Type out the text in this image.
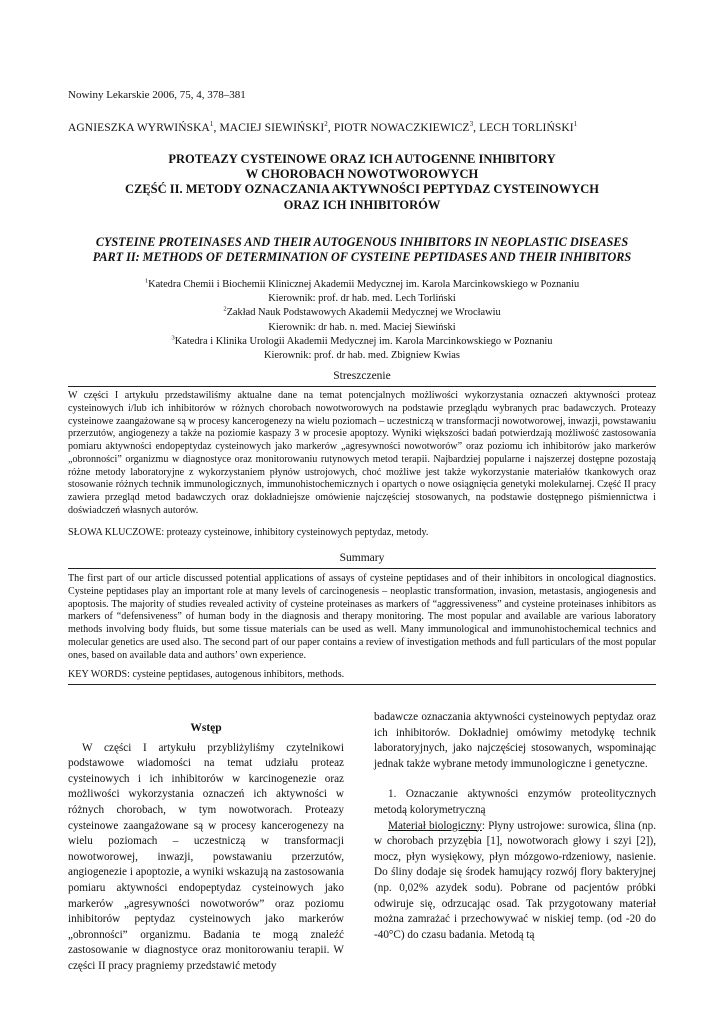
Nowiny Lekarskie 2006, 75, 4, 378–381
AGNIESZKA WYRWIŃSKA$^1$, MACIEJ SIEWIŃSKI$^2$, PIOTR NOWACZKIEWICZ$^3$, LECH TORLIŃSKI$^1$
PROTEAZY CYSTEINOWE ORAZ ICH AUTOGENNE INHIBITORY
W CHOROBACH NOWOTWOROWYCH
CZĘŚĆ II. METODY OZNACZANIA AKTYWNOŚCI PEPTYDAZ CYSTEINOWYCH
ORAZ ICH INHIBITORÓW
CYSTEINE PROTEINASES AND THEIR AUTOGENOUS INHIBITORS IN NEOPLASTIC DISEASES
PART II: METHODS OF DETERMINATION OF CYSTEINE PEPTIDASES AND THEIR INHIBITORS
$^1$Katedra Chemii i Biochemii Klinicznej Akademii Medycznej im. Karola Marcinkowskiego w Poznaniu
Kierownik: prof. dr hab. med. Lech Torliński
$^2$Zakład Nauk Podstawowych Akademii Medycznej we Wrocławiu
Kierownik: dr hab. n. med. Maciej Siewiński
$^3$Katedra i Klinika Urologii Akademii Medycznej im. Karola Marcinkowskiego w Poznaniu
Kierownik: prof. dr hab. med. Zbigniew Kwias
Streszczenie

W części I artykułu przedstawiliśmy aktualne dane na temat potencjalnych możliwości wykorzystania oznaczeń aktywności proteaz cysteinowych i/lub ich inhibitorów w różnych chorobach nowotworowych na podstawie przeglądu wybranych prac badawczych. Proteazy cysteinowe zaangażowane są w procesy kancerogenezy na wielu poziomach – uczestniczą w transformacji nowotworowej, inwazji, powstawaniu przerzutów, angiogenezy a także na poziomie kaspazy 3 w procesie apoptozy. Wyniki większości badań potwierdzają możliwość zastosowania pomiaru aktywności endopeptydaz cysteinowych jako markerów „agresywności nowotworów” oraz poziomu ich inhibitorów jako markerów „obronności” organizmu w diagnostyce oraz monitorowaniu rutynowych metod terapii. Najbardziej popularne i najszerzej dostępne pozostają różne metody laboratoryjne z wykorzystaniem płynów ustrojowych, choć możliwe jest także wykorzystanie materiałów tkankowych oraz stosowanie różnych technik immunologicznych, immunohistochemicznych i opartych o nowe osiągnięcia genetyki molekularnej. Część II pracy zawiera przegląd metod badawczych oraz dokładniejsze omówienie najczęściej stosowanych, na podstawie dostępnego piśmiennictwa i doświadczeń własnych autorów.

SŁOWA KLUCZOWE: proteazy cysteinowe, inhibitory cysteinowych peptydaz, metody.
Summary

The first part of our article discussed potential applications of assays of cysteine peptidases and of their inhibitors in oncological diagnostics. Cysteine peptidases play an important role at many levels of carcinogenesis – neoplastic transformation, invasion, metastasis, angiogenesis and apoptosis. The majority of studies revealed activity of cysteine proteinases as markers of “aggressiveness” and cysteine proteinases inhibitors as markers of “defensiveness” of human body in the diagnosis and therapy monitoring. The most popular and available are various laboratory methods involving body fluids, but some tissue materials can be used as well. Many immunological and immunohistochemical technics and molecular genetics are used also. The second part of our paper contains a review of investigation methods and full particulars of the most popular ones, based on available data and authors’ own experience.

KEY WORDS: cysteine peptidases, autogenous inhibitors, methods.
Wstęp

W części I artykułu przybliżyliśmy czytelnikowi podstawowe wiadomości na temat udziału proteaz cysteinowych i ich inhibitorów w karcinogenezie oraz możliwości wykorzystania oznaczeń ich aktywności w różnych chorobach, w tym nowotworach. Proteazy cysteinowe zaangażowane są w procesy kancerogenezy na wielu poziomach – uczestniczą w transformacji nowotworowej, inwazji, powstawaniu przerzutów, angiogenezie i apoptozie, a wyniki wskazują na zastosowania pomiaru aktywności endopeptydaz cysteinowych jako markerów „agresywności nowotworów” oraz poziomu inhibitorów peptydaz cysteinowych jako markerów „obronności” organizmu. Badania te mogą znaleźć zastosowanie w diagnostyce oraz monitorowaniu terapii. W części II pracy pragniemy przedstawić metody

badawcze oznaczania aktywności cysteinowych peptydaz oraz ich inhibitorów. Dokładniej omówimy metodykę technik laboratoryjnych, jako najczęściej stosowanych, wspominając jednak także wybrane metody immunologiczne i genetyczne.

1. Oznaczanie aktywności enzymów proteolitycznych metodą kolorymetryczną

Materiał biologiczny: Płyny ustrojowe: surowica, ślina (np. w chorobach przyzębia [1], nowotworach głowy i szyi [2]), mocz, płyn wysiękowy, płyn mózgowo-rdzeniowy, nasienie. Do śliny dodaje się środek hamujący rozwój flory bakteryjnej (np. 0,02% azydek sodu). Pobrane od pacjentów próbki odwiruje się, odrzucając osad. Tak przygotowany materiał można zamrażać i przechowywać w niskiej temp. (od -20 do -40°C) do czasu badania. Metodą tą
